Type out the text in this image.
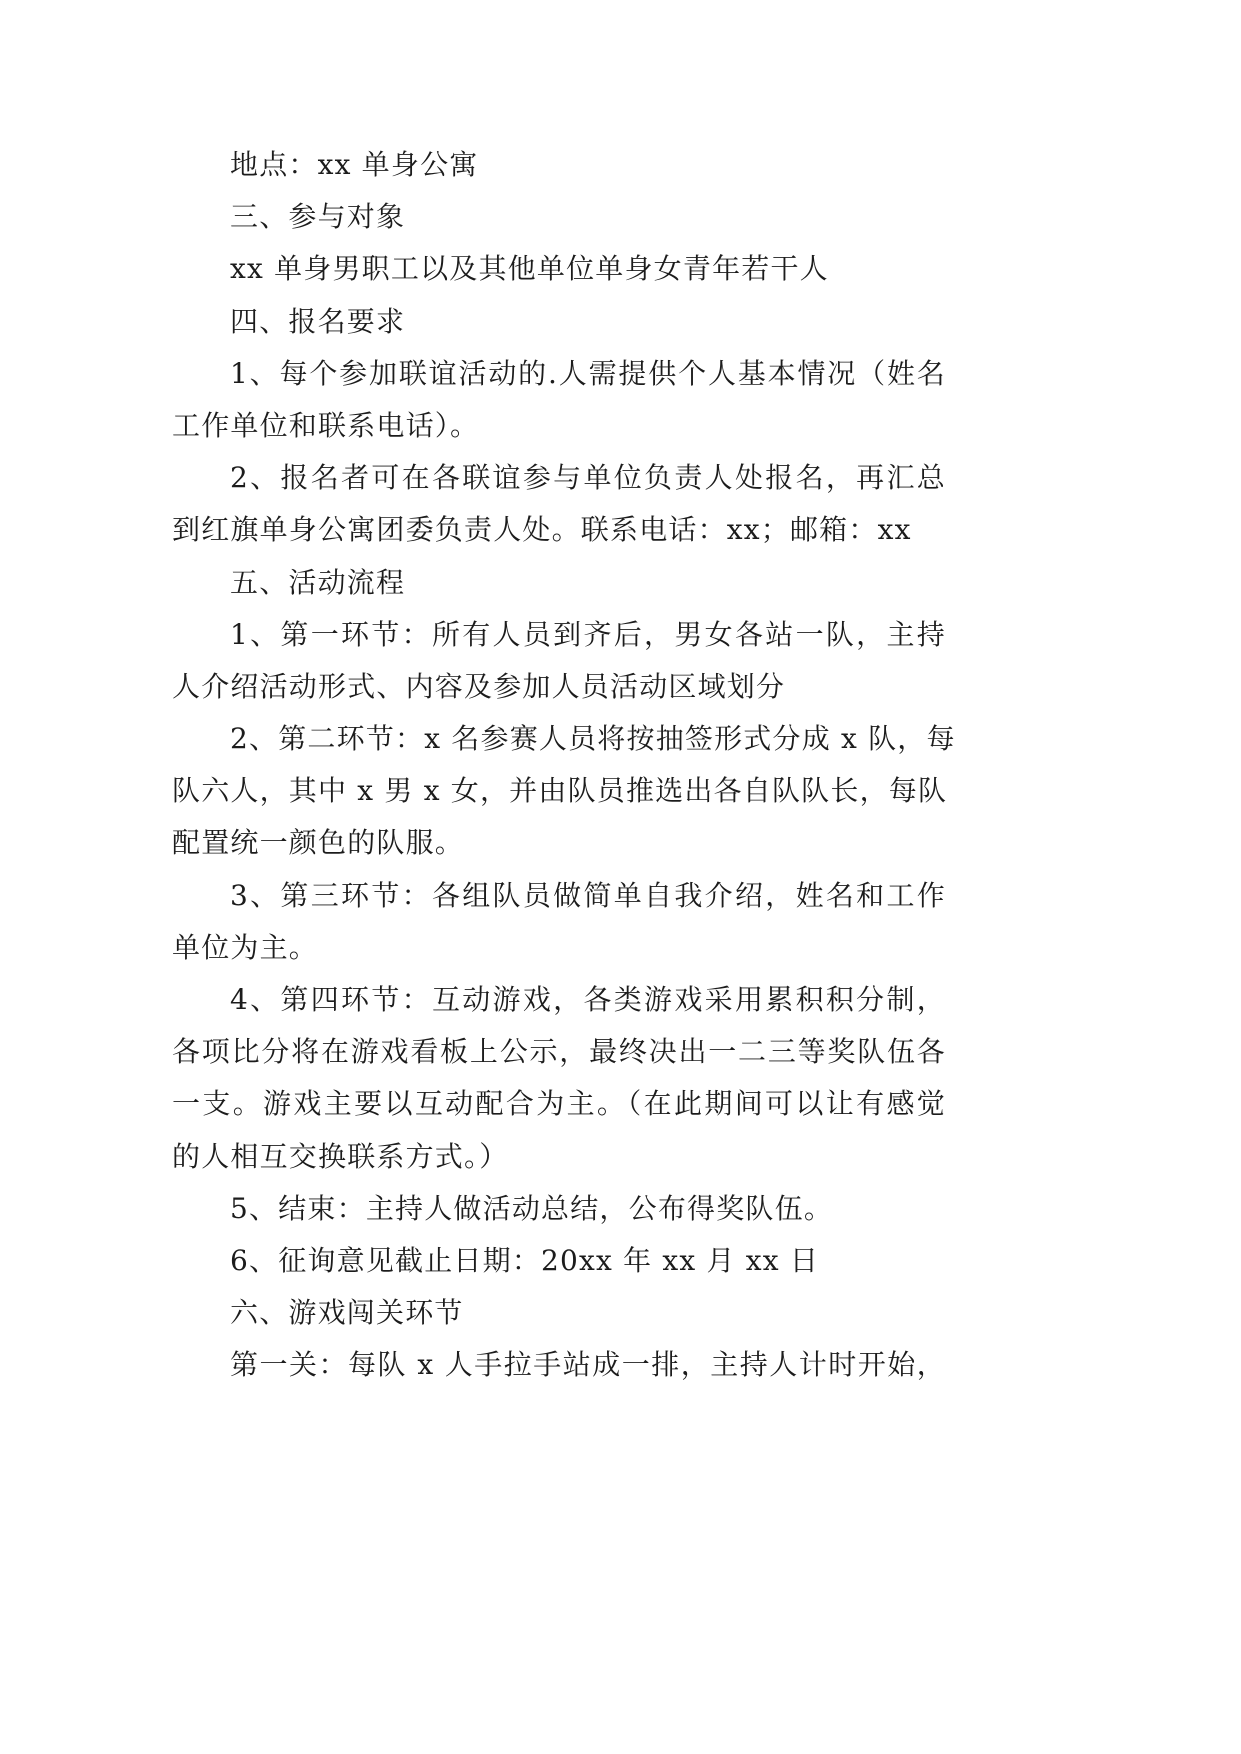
地点：xx 单身公寓
三、参与对象
xx 单身男职工以及其他单位单身女青年若干人
四、报名要求
1、每个参加联谊活动的.人需提供个人基本情况（姓名
工作单位和联系电话）。
2、报名者可在各联谊参与单位负责人处报名，再汇总
到红旗单身公寓团委负责人处。联系电话：xx；邮箱：xx
五、活动流程
1、第一环节：所有人员到齐后，男女各站一队，主持
人介绍活动形式、内容及参加人员活动区域划分
2、第二环节：x 名参赛人员将按抽签形式分成 x 队，每
队六人，其中 x 男 x 女，并由队员推选出各自队队长，每队
配置统一颜色的队服。
3、第三环节：各组队员做简单自我介绍，姓名和工作
单位为主。
4、第四环节：互动游戏，各类游戏采用累积积分制，
各项比分将在游戏看板上公示，最终决出一二三等奖队伍各
一支。游戏主要以互动配合为主。（在此期间可以让有感觉
的人相互交换联系方式。）
5、结束：主持人做活动总结，公布得奖队伍。
6、征询意见截止日期：20xx 年 xx 月 xx 日
六、游戏闯关环节
第一关：每队 x 人手拉手站成一排，主持人计时开始，
